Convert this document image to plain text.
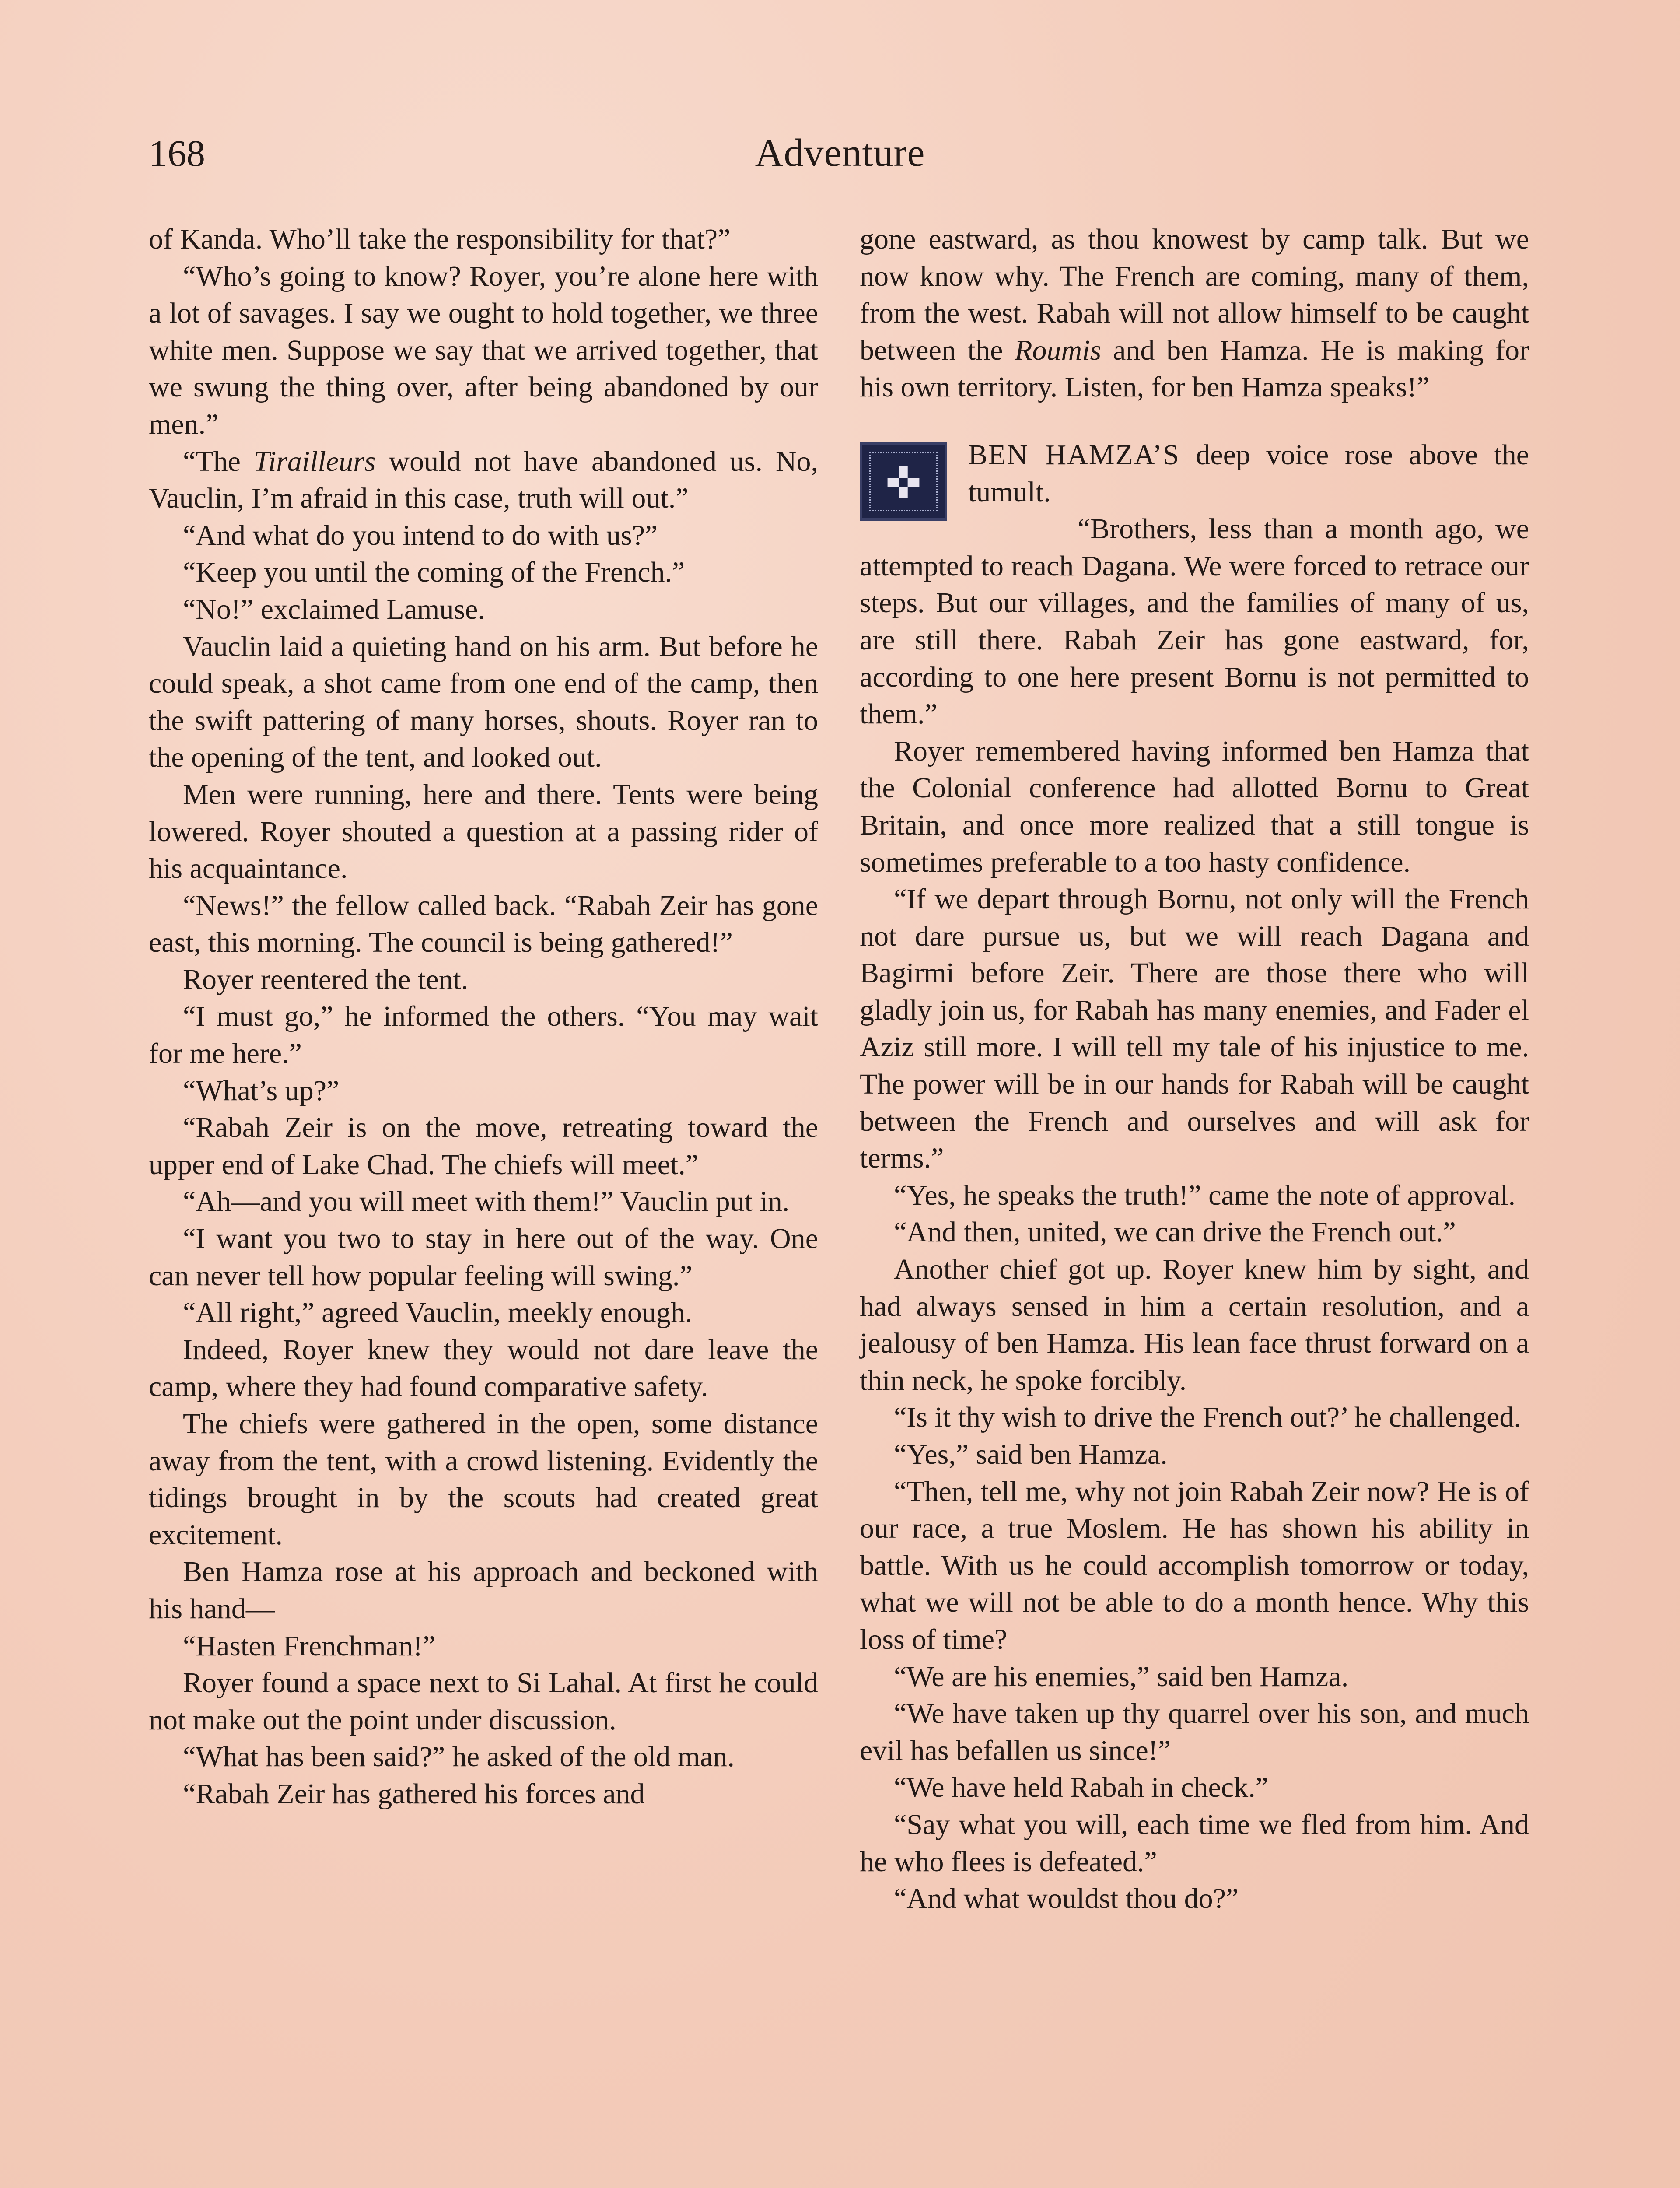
168	Adventure

of Kanda. Who’ll take the responsibility for that?”

“Who’s going to know? Royer, you’re alone here with a lot of savages. I say we ought to hold together, we three white men. Suppose we say that we arrived together, that we swung the thing over, after being abandoned by our men.”

“The Tirailleurs would not have abandoned us. No, Vauclin, I’m afraid in this case, truth will out.”

“And what do you intend to do with us?”

“Keep you until the coming of the French.”

“No!” exclaimed Lamuse.

Vauclin laid a quieting hand on his arm. But before he could speak, a shot came from one end of the camp, then the swift pattering of many horses, shouts. Royer ran to the opening of the tent, and looked out.

Men were running, here and there. Tents were being lowered. Royer shouted a question at a passing rider of his acquaintance.

“News!” the fellow called back. “Rabah Zeir has gone east, this morning. The council is being gathered!”

Royer reentered the tent.

“I must go,” he informed the others. “You may wait for me here.”

“What’s up?”

“Rabah Zeir is on the move, retreating toward the upper end of Lake Chad. The chiefs will meet.”

“Ah—and you will meet with them!” Vauclin put in.

“I want you two to stay in here out of the way. One can never tell how popular feeling will swing.”

“All right,” agreed Vauclin, meekly enough.

Indeed, Royer knew they would not dare leave the camp, where they had found comparative safety.

The chiefs were gathered in the open, some distance away from the tent, with a crowd listening. Evidently the tidings brought in by the scouts had created great excitement.

Ben Hamza rose at his approach and beckoned with his hand—

“Hasten Frenchman!”

Royer found a space next to Si Lahal. At first he could not make out the point under discussion.

“What has been said?” he asked of the old man.

“Rabah Zeir has gathered his forces and

gone eastward, as thou knowest by camp talk. But we now know why. The French are coming, many of them, from the west. Rabah will not allow himself to be caught between the Roumis and ben Hamza. He is making for his own territory. Listen, for ben Hamza speaks!”

✜
BEN HAMZA’S deep voice rose above the tumult.

“Brothers, less than a month ago, we attempted to reach Dagana. We were forced to retrace our steps. But our villages, and the families of many of us, are still there. Rabah Zeir has gone eastward, for, according to one here present Bornu is not permitted to them.”

Royer remembered having informed ben Hamza that the Colonial conference had allotted Bornu to Great Britain, and once more realized that a still tongue is sometimes preferable to a too hasty confidence.

“If we depart through Bornu, not only will the French not dare pursue us, but we will reach Dagana and Bagirmi before Zeir. There are those there who will gladly join us, for Rabah has many enemies, and Fader el Aziz still more. I will tell my tale of his injustice to me. The power will be in our hands for Rabah will be caught between the French and ourselves and will ask for terms.”

“Yes, he speaks the truth!” came the note of approval.

“And then, united, we can drive the French out.”

Another chief got up. Royer knew him by sight, and had always sensed in him a certain resolution, and a jealousy of ben Hamza. His lean face thrust forward on a thin neck, he spoke forcibly.

“Is it thy wish to drive the French out?’ he challenged.

“Yes,” said ben Hamza.

“Then, tell me, why not join Rabah Zeir now? He is of our race, a true Moslem. He has shown his ability in battle. With us he could accomplish tomorrow or today, what we will not be able to do a month hence. Why this loss of time?

“We are his enemies,” said ben Hamza.

“We have taken up thy quarrel over his son, and much evil has befallen us since!”

“We have held Rabah in check.”

“Say what you will, each time we fled from him. And he who flees is defeated.”

“And what wouldst thou do?”
